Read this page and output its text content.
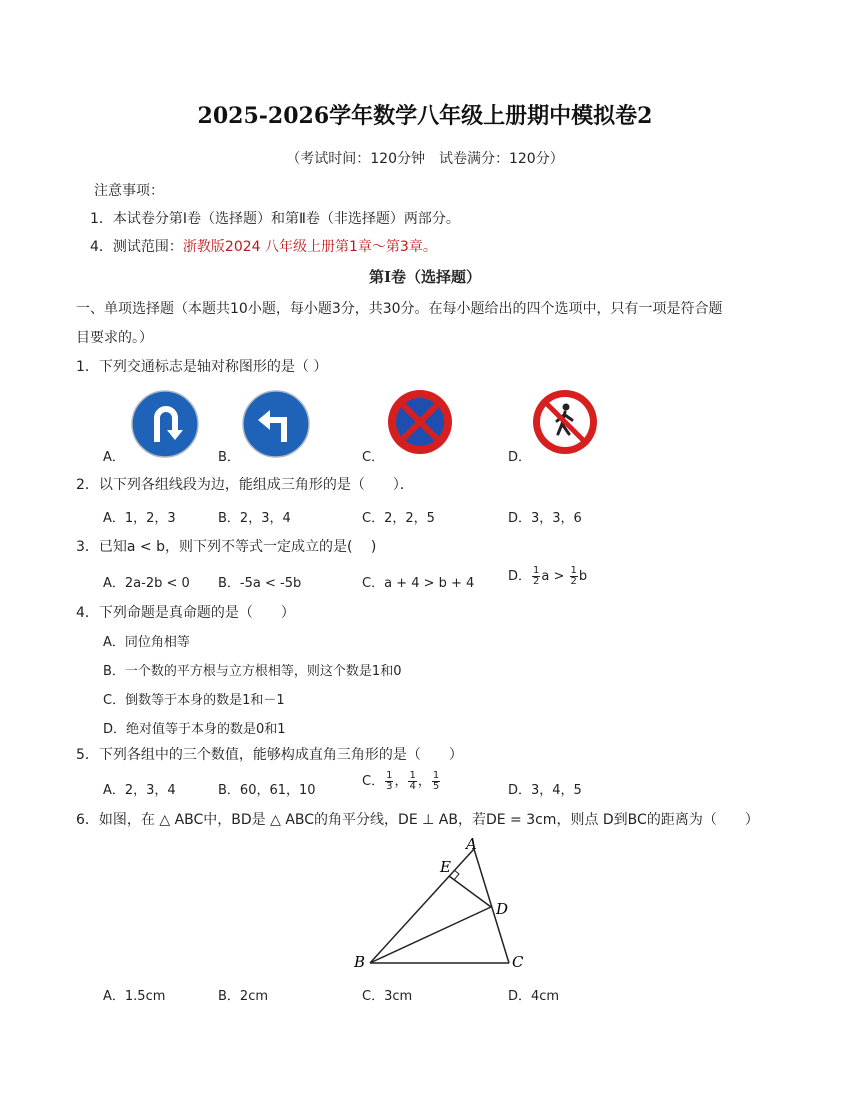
2025-2026学年数学八年级上册期中模拟卷2
（考试时间：120分钟　试卷满分：120分）
注意事项：
1．本试卷分第Ⅰ卷（选择题）和第Ⅱ卷（非选择题）两部分。
4．测试范围：浙教版2024 八年级上册第1章～第3章。
第Ⅰ卷（选择题）
一、单项选择题（本题共10小题，每小题3分，共30分。在每小题给出的四个选项中，只有一项是符合题
目要求的。）
1．下列交通标志是轴对称图形的是（ ）
A．	B．	C．	D．
2．以下列各组线段为边，能组成三角形的是（　　）．
A．1，2，3	B．2，3，4	C．2，2，5	D．3，3，6
3．已知a < b，则下列不等式一定成立的是(　 )
A．2a-2b < 0 B．-5a < -5b	C．a + 4 > b + 4	D． $\frac{1}{2}$ $a > \frac{1}{2}$ b
4．下列命题是真命题的是（　　）
A．同位角相等
B．一个数的平方根与立方根相等，则这个数是1和0
C．倒数等于本身的数是1和－1
D．绝对值等于本身的数是0和1
5．下列各组中的三个数值，能够构成直角三角形的是（　　）
A．2，3，4	B．60，61，10
C． $\frac{1}{3}$ ， $\frac{1}{4}$ ， $\frac{1}{5}$	D．3，4，5
6．如图，在 △ ABC中，BD是 △ ABC的角平分线，DE ⊥ AB，若DE = 3cm，则点 D到BC的距离为（　　）
A
E
D
B	C
A．1.5cm	B．2cm	C．3cm	D．4cm
